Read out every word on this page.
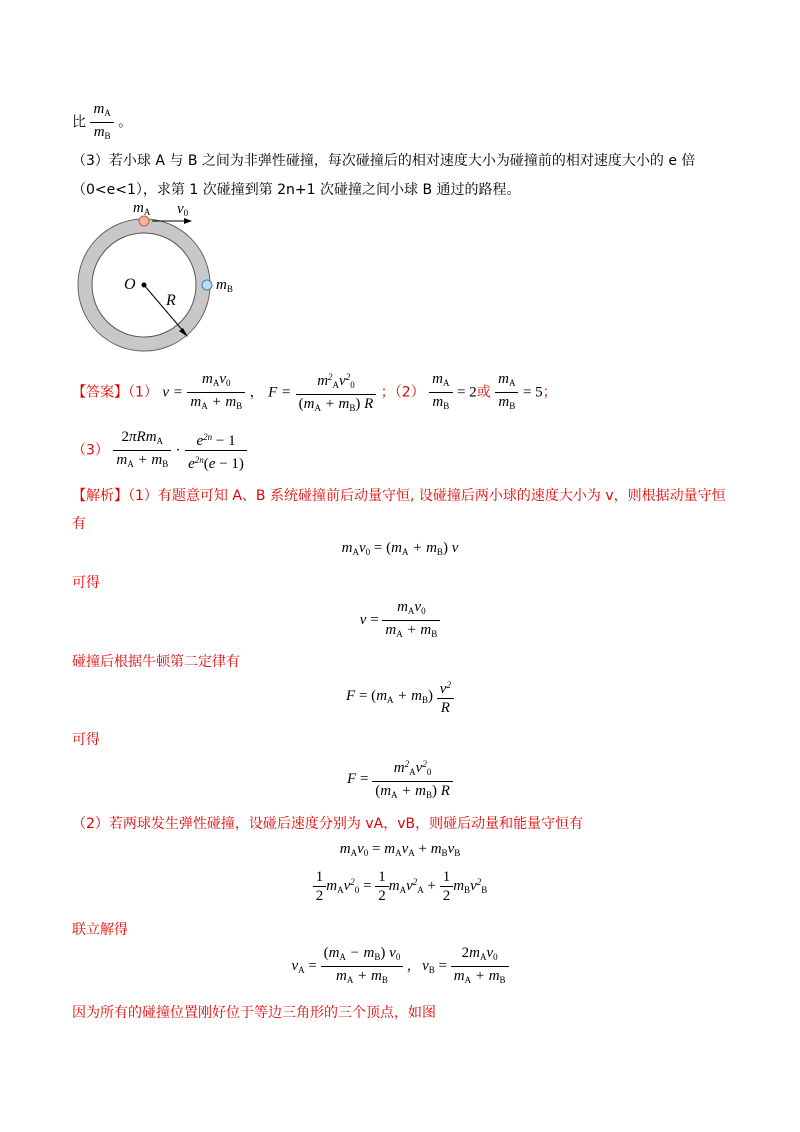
比 $\frac{m_A}{m_B}$ 。
（3）若小球 A 与 B 之间为非弹性碰撞，每次碰撞后的相对速度大小为碰撞前的相对速度大小的 e 倍
（0<e<1），求第 1 次碰撞到第 2n+1 次碰撞之间小球 B 通过的路程。
$m_A$ $v_0$
$m_B$
O
R
【答案】（1） $v = \frac{m_Av_0}{m_A + m_B}$ ， $F = \frac{m^2_Av^2_0}{(m_A + m_B) R}$ ；$(2) \frac{m_A}{m_B} = 2$或 $\frac{m_A}{m_B} = 5$；
$(3) \frac{2\pi Rm_A}{m_A + m_B} \cdot \frac{e^{2n} - 1}{e^{2n}(e - 1)}$
【解析】（1）有题意可知 A、B 系统碰撞前后动量守恒, 设碰撞后两小球的速度大小为 v，则根据动量守恒
有
$m_Av_0 = (m_A + m_B)$ v
可得
$v = \frac{m_Av_0}{m_A + m_B}$
碰撞后根据牛顿第二定律有
$F = (m_A + m_B) \frac{v^2}{R}$
可得
$F = \frac{m^2_Av^2_0}{(m_A + m_B) R}$
（2）若两球发生弹性碰撞，设碰后速度分别为 vA，vB，则碰后动量和能量守恒有
$m_Av_0 = m_Av_A + m_Bv_B$
$\frac{1}{2} m_Av^2_0 = \frac{1}{2} m_Av^2_A + \frac{1}{2} m_Bv^2_B$
联立解得
$v_A = \frac{(m_A - m_B) v_0}{m_A + m_B}$ ,   $v_B = \frac{2m_Av_0}{m_A + m_B}$
因为所有的碰撞位置刚好位于等边三角形的三个顶点，如图
